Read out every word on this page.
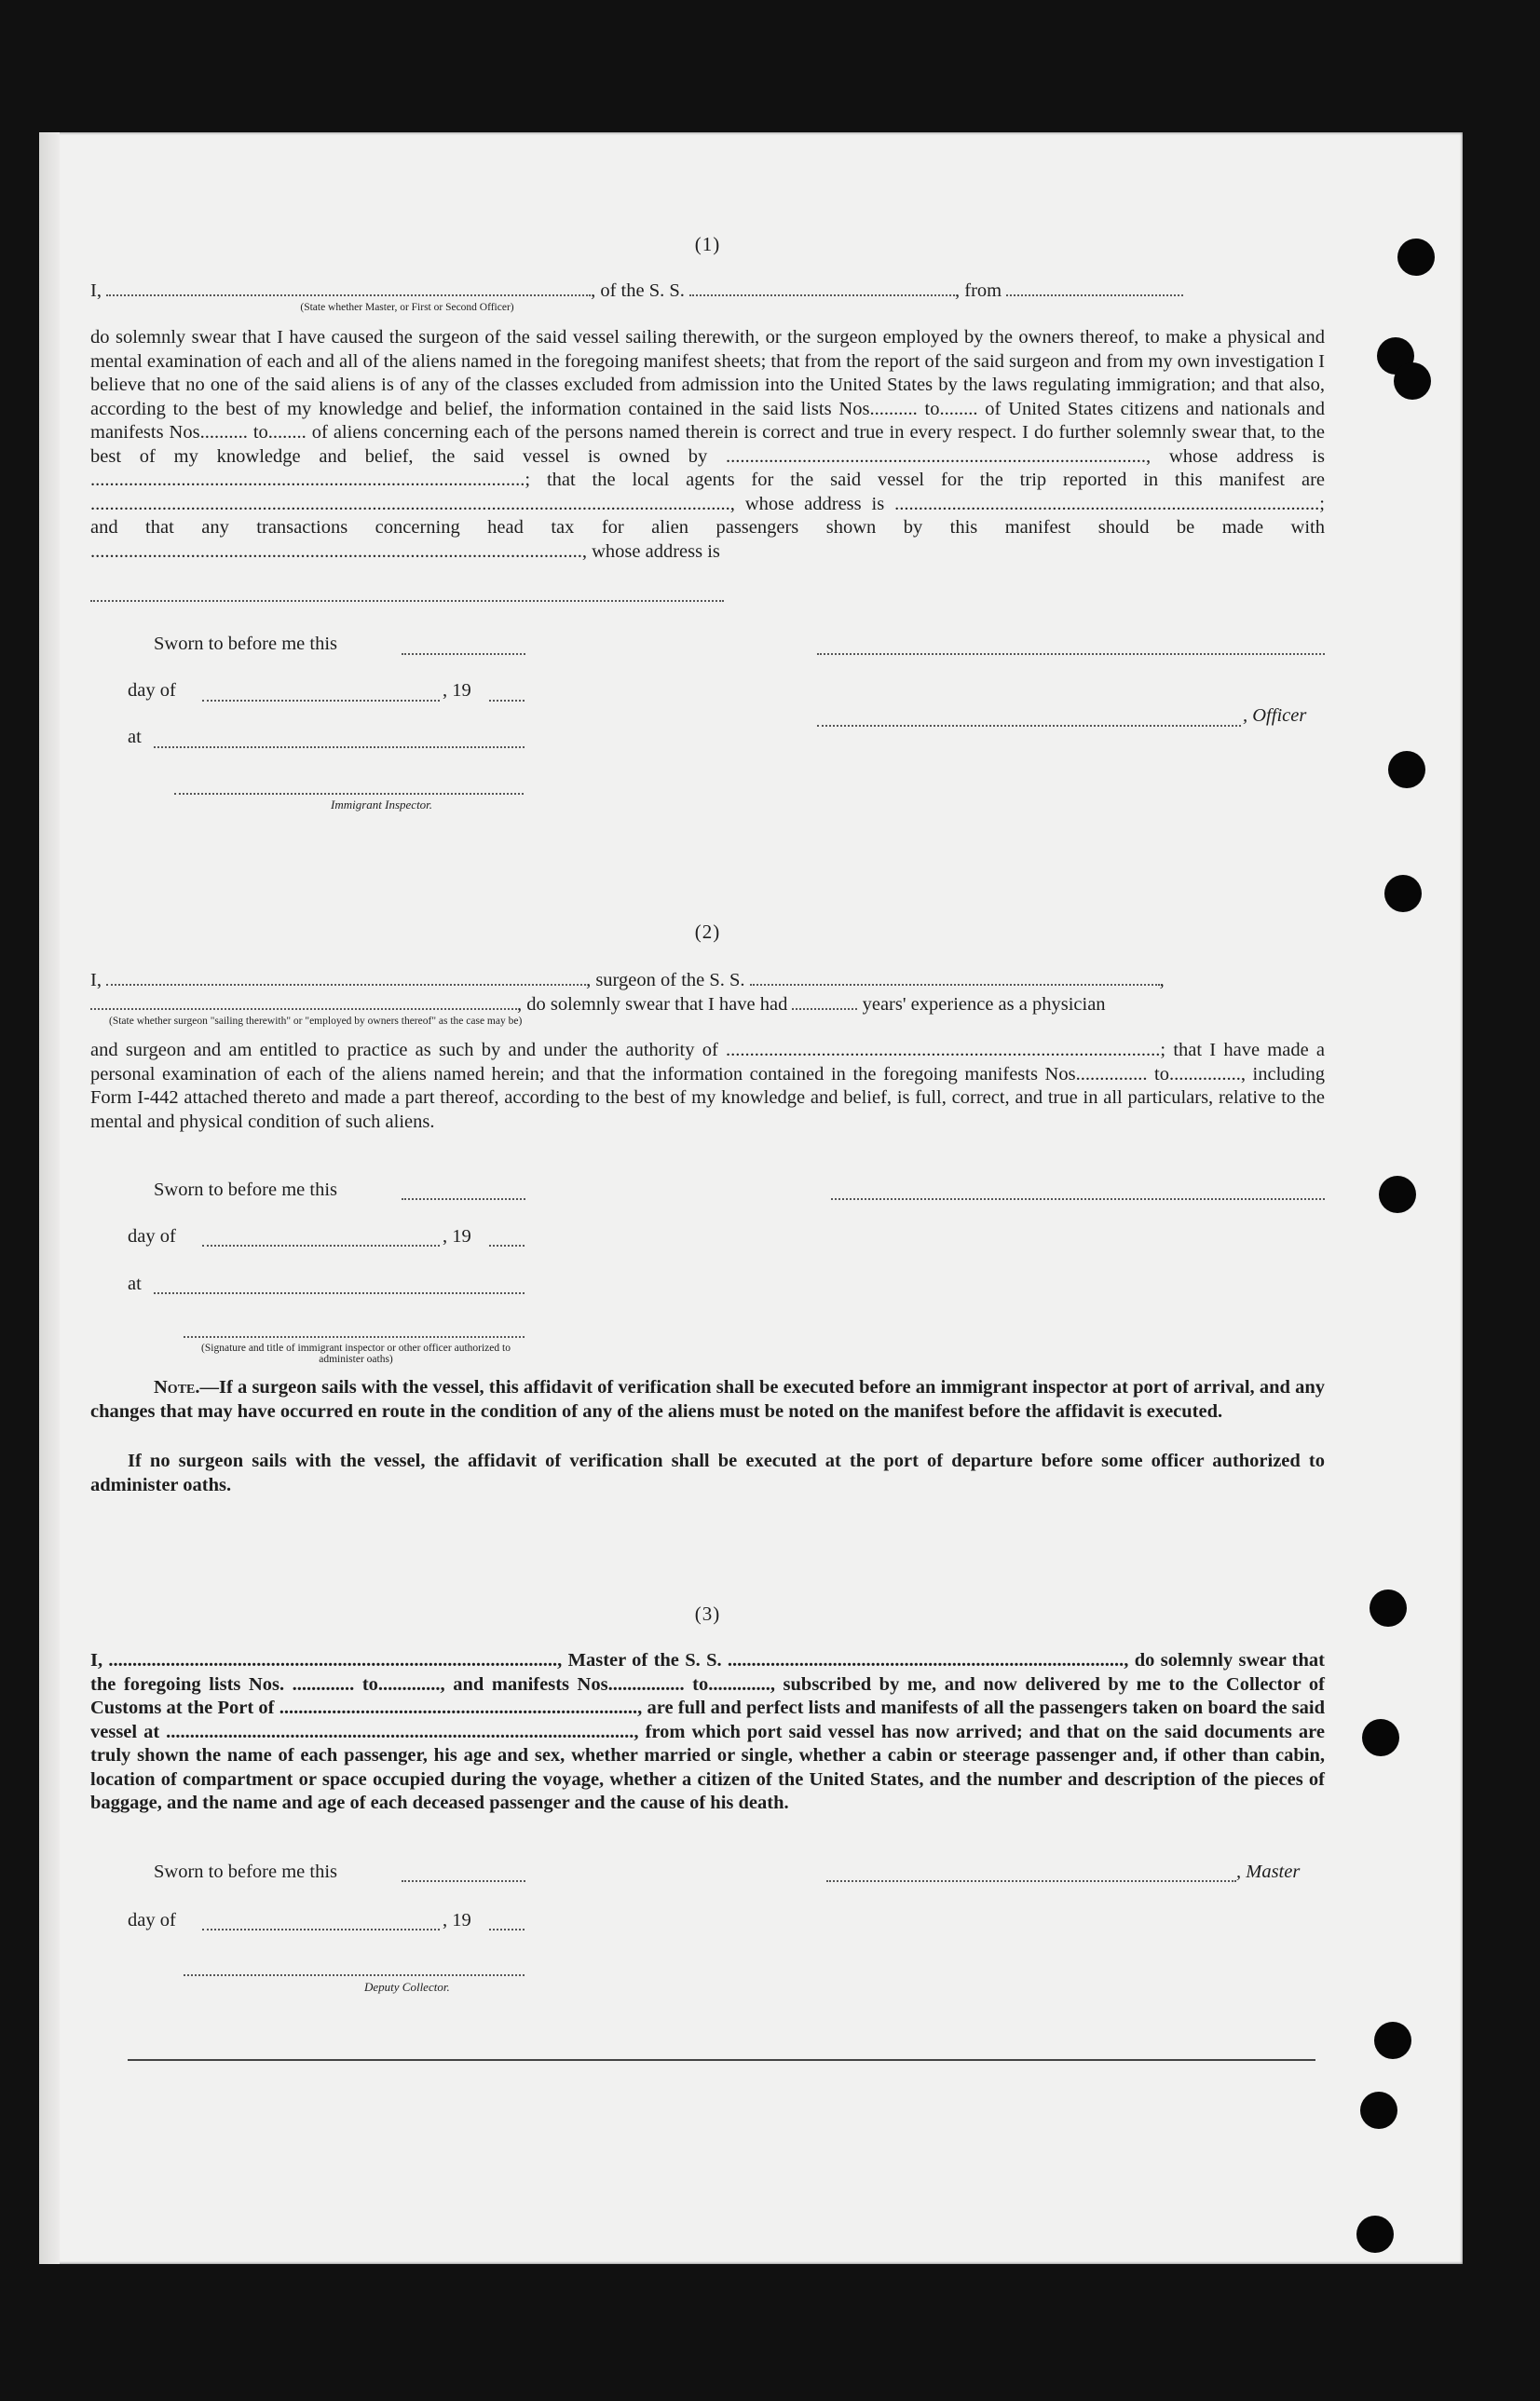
(1)
I,	, of the S. S.	, from
(State whether Master, or First or Second Officer)
do solemnly swear that I have caused the surgeon of the said vessel sailing therewith, or the surgeon employed by the owners thereof, to make a physical and mental examination of each and all of the aliens named in the foregoing manifest sheets; that from the report of the said surgeon and from my own investigation I believe that no one of the said aliens is of any of the classes excluded from admission into the United States by the laws regulating immigration; and that also, according to the best of my knowledge and belief, the information contained in the said lists Nos.......... to........ of United States citizens and nationals and manifests Nos.......... to........ of aliens concerning each of the persons named therein is correct and true in every respect. I do further solemnly swear that, to the best of my knowledge and belief, the said vessel is owned by ........................................................................................, whose address is ...........................................................................................; that the local agents for the said vessel for the trip reported in this manifest are ......................................................................................................................................, whose address is .........................................................................................; and that any transactions concerning head tax for alien passengers shown by this manifest should be made with ......................................................................................................., whose address is
Sworn to before me this
day of	, 19
, Officer
at
Immigrant Inspector.
(2)
I,	, surgeon of the S. S.	,
, do solemnly swear that I have had	years' experience as a physician
(State whether surgeon "sailing therewith" or "employed by owners thereof" as the case may be)
and surgeon and am entitled to practice as such by and under the authority of ...........................................................................................; that I have made a personal examination of each of the aliens named herein; and that the information contained in the foregoing manifests Nos............... to..............., including Form I-442 attached thereto and made a part thereof, according to the best of my knowledge and belief, is full, correct, and true in all particulars, relative to the mental and physical condition of such aliens.
Sworn to before me this
day of	, 19
at
(Signature and title of immigrant inspector or other officer authorized to administer oaths)
Note.—If a surgeon sails with the vessel, this affidavit of verification shall be executed before an immigrant inspector at port of arrival, and any changes that may have occurred en route in the condition of any of the aliens must be noted on the manifest before the affidavit is executed.
If no surgeon sails with the vessel, the affidavit of verification shall be executed at the port of departure before some officer authorized to administer oaths.
(3)
I, .............................................................................................., Master of the S. S. ..................................................................................., do solemnly swear that the foregoing lists Nos. ............. to............., and manifests Nos................ to............., subscribed by me, and now delivered by me to the Collector of Customs at the Port of ..........................................................................., are full and perfect lists and manifests of all the passengers taken on board the said vessel at .................................................................................................., from which port said vessel has now arrived; and that on the said documents are truly shown the name of each passenger, his age and sex, whether married or single, whether a cabin or steerage passenger and, if other than cabin, location of compartment or space occupied during the voyage, whether a citizen of the United States, and the number and description of the pieces of baggage, and the name and age of each deceased passenger and the cause of his death.
Sworn to before me this	, Master
day of	, 19
Deputy Collector.
